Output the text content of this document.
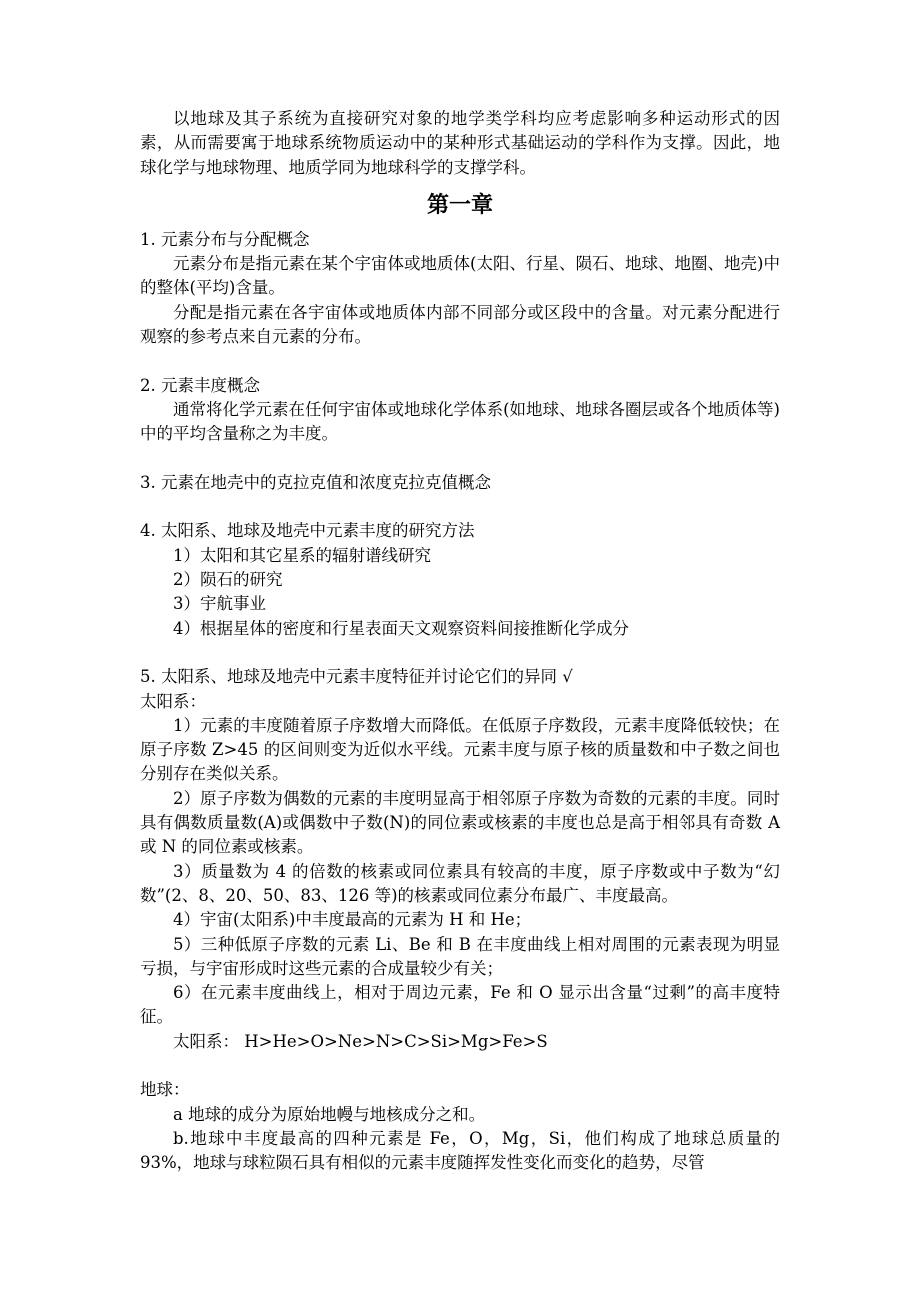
以地球及其子系统为直接研究对象的地学类学科均应考虑影响多种运动形式的因素，从而需要寓于地球系统物质运动中的某种形式基础运动的学科作为支撑。因此，地球化学与地球物理、地质学同为地球科学的支撑学科。

第一章

1. 元素分布与分配概念

元素分布是指元素在某个宇宙体或地质体(太阳、行星、陨石、地球、地圈、地壳)中的整体(平均)含量。

分配是指元素在各宇宙体或地质体内部不同部分或区段中的含量。对元素分配进行观察的参考点来自元素的分布。

2. 元素丰度概念

通常将化学元素在任何宇宙体或地球化学体系(如地球、地球各圈层或各个地质体等)中的平均含量称之为丰度。

3. 元素在地壳中的克拉克值和浓度克拉克值概念

4. 太阳系、地球及地壳中元素丰度的研究方法

1）太阳和其它星系的辐射谱线研究

2）陨石的研究

3）宇航事业

4）根据星体的密度和行星表面天文观察资料间接推断化学成分

5. 太阳系、地球及地壳中元素丰度特征并讨论它们的异同 √

太阳系：

1）元素的丰度随着原子序数增大而降低。在低原子序数段，元素丰度降低较快；在原子序数 Z>45 的区间则变为近似水平线。元素丰度与原子核的质量数和中子数之间也分别存在类似关系。

2）原子序数为偶数的元素的丰度明显高于相邻原子序数为奇数的元素的丰度。同时具有偶数质量数(A)或偶数中子数(N)的同位素或核素的丰度也总是高于相邻具有奇数 A 或 N 的同位素或核素。

3）质量数为 4 的倍数的核素或同位素具有较高的丰度，原子序数或中子数为“幻数”(2、8、20、50、83、126 等)的核素或同位素分布最广、丰度最高。

4）宇宙(太阳系)中丰度最高的元素为 H 和 He；

5）三种低原子序数的元素 Li、Be 和 B 在丰度曲线上相对周围的元素表现为明显亏损，与宇宙形成时这些元素的合成量较少有关；

6）在元素丰度曲线上，相对于周边元素，Fe 和 O 显示出含量“过剩”的高丰度特征。

太阳系： H>He>O>Ne>N>C>Si>Mg>Fe>S

地球：

a 地球的成分为原始地幔与地核成分之和。

b.地球中丰度最高的四种元素是 Fe，O，Mg，Si，他们构成了地球总质量的 93%，地球与球粒陨石具有相似的元素丰度随挥发性变化而变化的趋势，尽管
